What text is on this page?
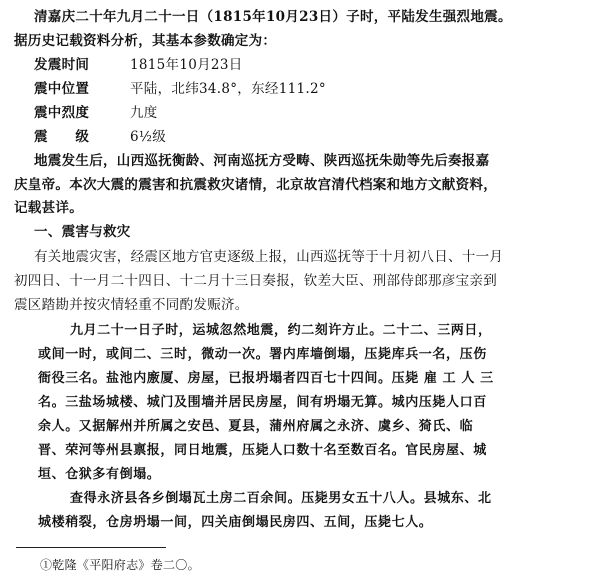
清嘉庆二十年九月二十一日（1815年10月23日）子时，平陆发生强烈地震。
据历史记载资料分析，其基本参数确定为：
发震时间	1815年10月23日
震中位置	平陆，北纬34.8°，东经111.2°
震中烈度	九度
震　　级	6½级
地震发生后，山西巡抚衡龄、河南巡抚方受畴、陕西巡抚朱勋等先后奏报嘉
庆皇帝。本次大震的震害和抗震救灾诸情，北京故宫清代档案和地方文献资料，
记载甚详。
一、震害与救灾
有关地震灾害，经震区地方官吏逐级上报，山西巡抚等于十月初八日、十一月
初四日、十一月二十四日、十二月十三日奏报，钦差大臣、刑部侍郎那彦宝亲到
震区踏勘并按灾情轻重不同酌发赈济。
九月二十一日子时，运城忽然地震，约二刻许方止。二十二、三两日，
或间一时，或间二、三时，微动一次。署内库墙倒塌，压毙库兵一名，压伤
衙役三名。盐池内廒厦、房屋，已报坍塌者四百七十四间。压毙 雇 工 人 三
名。三盐场城楼、城门及围墙并居民房屋，间有坍塌无算。城内压毙人口百
余人。又据解州并所属之安邑、夏县，蒲州府属之永济、虞乡、猗氏、临
晋、荣河等州县禀报，同日地震，压毙人口数十名至数百名。官民房屋、城
垣、仓狱多有倒塌。
查得永济县各乡倒塌瓦土房二百余间。压毙男女五十八人。县城东、北
城楼稍裂，仓房坍塌一间，四关庙倒塌民房四、五间，压毙七人。
①乾隆《平阳府志》卷二〇。
